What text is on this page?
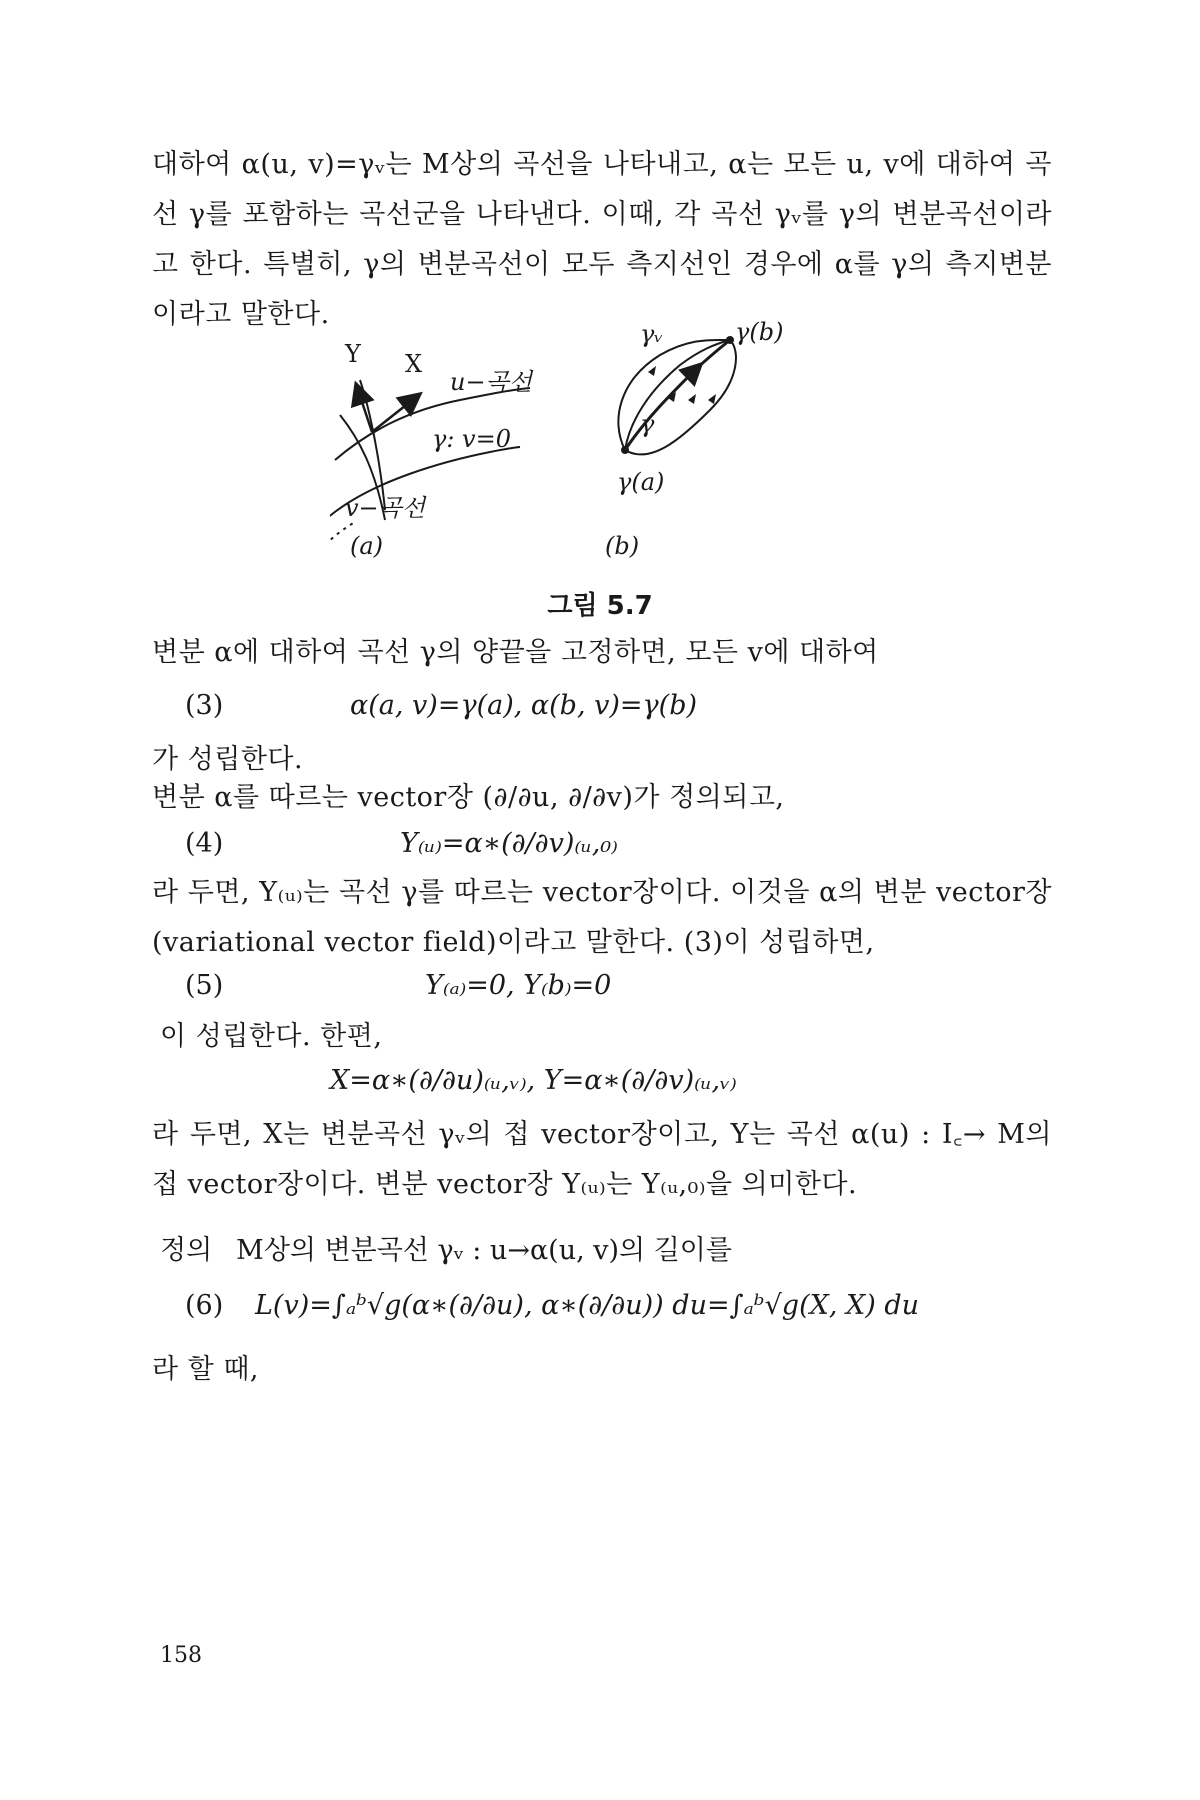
대하여 α(u, v)=γᵥ는 M상의 곡선을 나타내고, α는 모든 u, v에 대하여 곡선 γ를 포함하는 곡선군을 나타낸다. 이때, 각 곡선 γᵥ를 γ의 변분곡선이라고 한다. 특별히, γ의 변분곡선이 모두 측지선인 경우에 α를 γ의 측지변분이라고 말한다.
Y X
u−곡선
γ: v=0
v−곡선
(a)
γᵥ	γ(b)
γ
γ(a)
(b)
그림 5.7
변분 α에 대하여 곡선 γ의 양끝을 고정하면, 모든 v에 대하여
(3)	α(a, v)=γ(a), α(b, v)=γ(b)
가 성립한다.
변분 α를 따르는 vector장 (∂/∂u, ∂/∂v)가 정의되고,
(4)	Y₍ᵤ₎=α∗(∂/∂v)₍ᵤ,₀₎
라 두면, Y₍ᵤ₎는 곡선 γ를 따르는 vector장이다. 이것을 α의 변분 vector장(variational vector field)이라고 말한다. (3)이 성립하면,
(5)	Y₍ₐ₎=0, Y₍b₎=0
이 성립한다. 한편,
X=α∗(∂/∂u)₍ᵤ,ᵥ₎, Y=α∗(∂/∂v)₍ᵤ,ᵥ₎
라 두면, X는 변분곡선 γᵥ의 접 vector장이고, Y는 곡선 α(u) : I꜀→ M의 접 vector장이다. 변분 vector장 Y₍ᵤ₎는 Y₍ᵤ,₀₎을 의미한다.
정의 M상의 변분곡선 γᵥ : u→α(u, v)의 길이를
(6) L(v)=∫ₐᵇ√g(α∗(∂/∂u), α∗(∂/∂u)) du=∫ₐᵇ√g(X, X) du
라 할 때,
158
